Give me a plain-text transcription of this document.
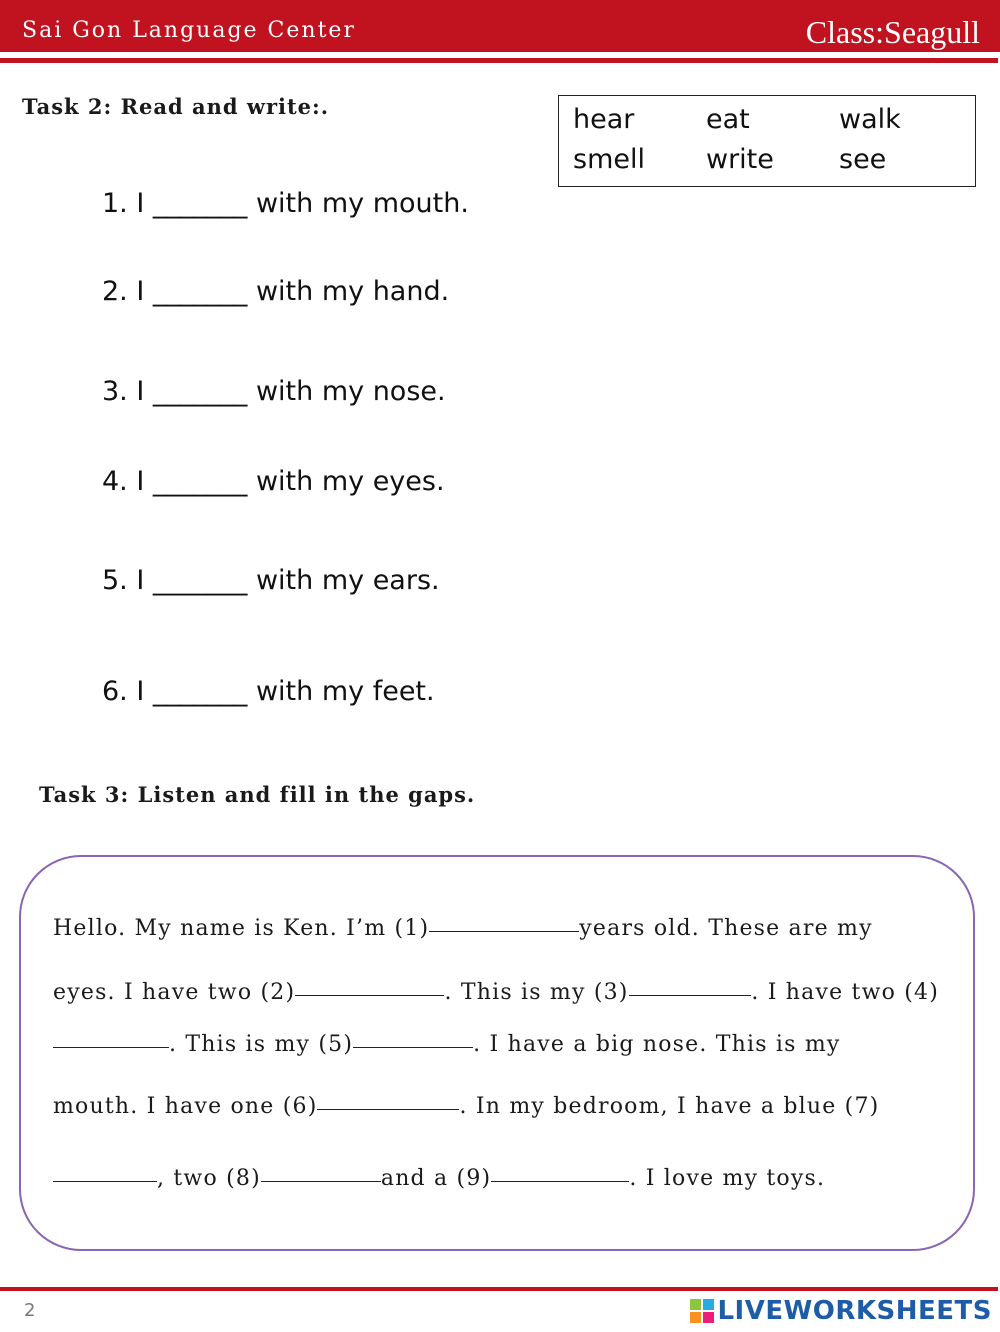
Sai Gon Language Center	Class:Seagull
Task 2: Read and write:.	hear	eat	walk
smell write see
1. I _______ with my mouth.
2. I _______ with my hand.
3. I _______ with my nose.
4. I _______ with my eyes.
5. I _______ with my ears.
6. I _______ with my feet.
Task 3: Listen and fill in the gaps.
Hello. My name is Ken. I’m (1)	years old. These are my
eyes. I have two (2)	. This is my (3)	. I have two (4)
. This is my (5)	. I have a big nose. This is my
mouth. I have one (6)	. In my bedroom, I have a blue (7)
, two (8)	and a (9)	. I love my toys.
2	LIVEWORKSHEETS
